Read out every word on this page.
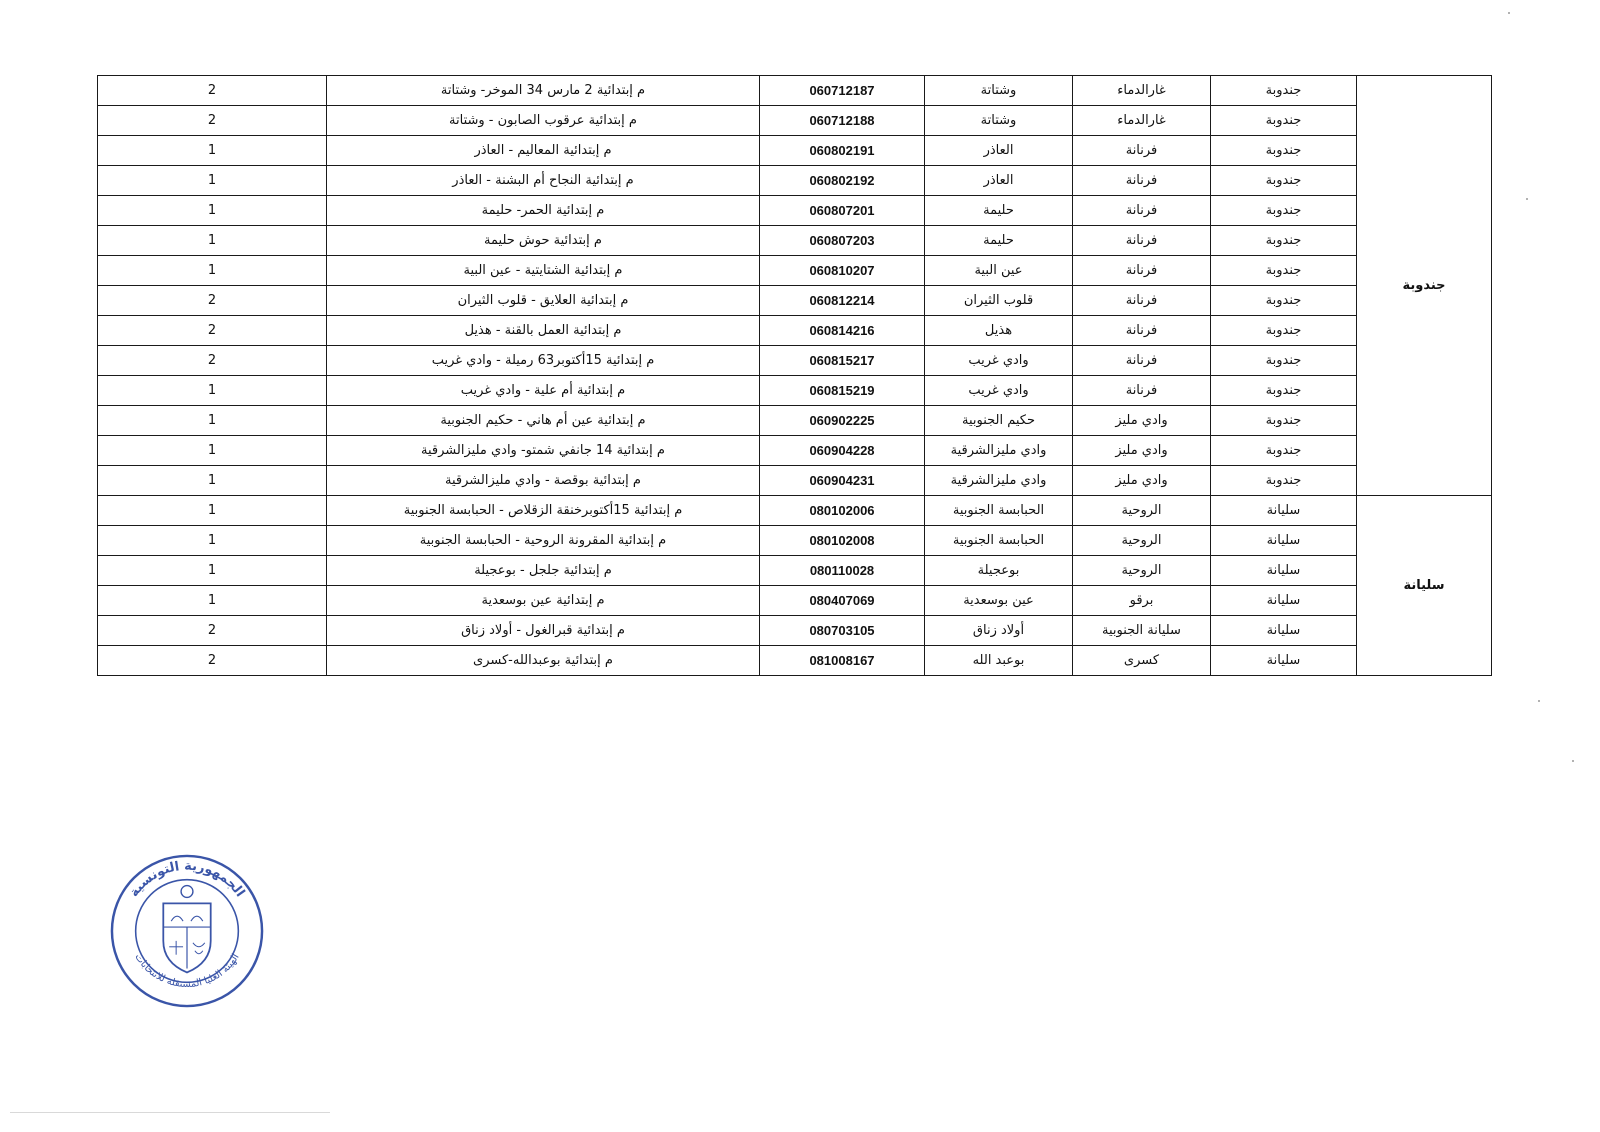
2	م إبتدائية 2 مارس 34 الموخر- وشتاتة	060712187	وشتاتة	غارالدماء	جندوبة	جندوبة
2	م إبتدائية عرقوب الصابون - وشتاتة	060712188	وشتاتة	غارالدماء	جندوبة	
1	م إبتدائية المعاليم - العاذر	060802191	العاذر	فرنانة	جندوبة	
1	م إبتدائية النجاح أم البشنة - العاذر	060802192	العاذر	فرنانة	جندوبة	
1	م إبتدائية الحمر- حليمة	060807201	حليمة	فرنانة	جندوبة	
1	م إبتدائية حوش حليمة	060807203	حليمة	فرنانة	جندوبة	
1	م إبتدائية الشتايتية - عين البية	060810207	عين البية	فرنانة	جندوبة	
2	م إبتدائية العلايق - قلوب الثيران	060812214	قلوب الثيران	فرنانة	جندوبة	
2	م إبتدائية العمل بالقنة - هذيل	060814216	هذيل	فرنانة	جندوبة	
2	م إبتدائية 15أكتوبر63 رميلة - وادي غريب	060815217	وادي غريب	فرنانة	جندوبة	
1	م إبتدائية أم علية - وادي غريب	060815219	وادي غريب	فرنانة	جندوبة	
1	م إبتدائية عين أم هاني - حكيم الجنوبية	060902225	حكيم الجنوبية	وادي مليز	جندوبة	
1	م إبتدائية 14 جانفي شمتو- وادي مليزالشرقية	060904228	وادي مليزالشرقية	وادي مليز	جندوبة	
1	م إبتدائية بوقصة - وادي مليزالشرقية	060904231	وادي مليزالشرقية	وادي مليز	جندوبة	
1	م إبتدائية 15أكتوبرخنقة الزقلاص - الحبابسة الجنوبية	080102006	الحبابسة الجنوبية	الروحية	سليانة	سليانة
1	م إبتدائية المقرونة الروحية - الحبابسة الجنوبية	080102008	الحبابسة الجنوبية	الروحية	سليانة	
1	م إبتدائية جلجل - بوعجيلة	080110028	بوعجيلة	الروحية	سليانة	
1	م إبتدائية عين بوسعدية	080407069	عين بوسعدية	برقو	سليانة	
2	م إبتدائية قبرالغول - أولاد زناق	080703105	أولاد زناق	سليانة الجنوبية	سليانة	
2	م إبتدائية بوعبدالله-كسرى	081008167	بوعبد الله	كسرى	سليانة	
الجمهورية التونسية
الهيئة العليا المستقلة للانتخابات
